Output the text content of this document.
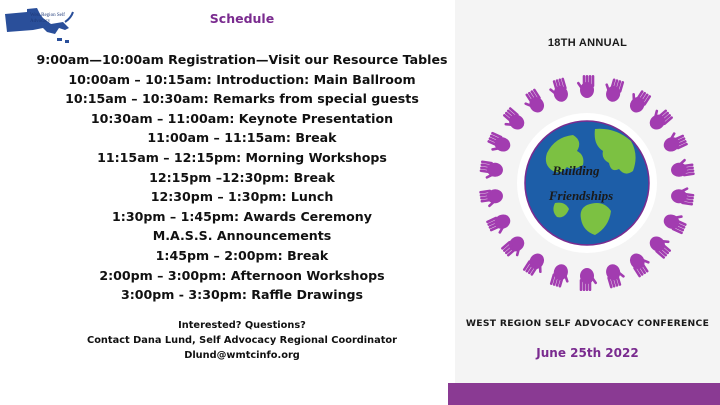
West Region Self Advocacy	Schedule
9:00am—10:00am Registration—Visit our Resource Tables
10:00am – 10:15am: Introduction: Main Ballroom
10:15am – 10:30am: Remarks from special guests
10:30am – 11:00am: Keynote Presentation
11:00am – 11:15am: Break
11:15am – 12:15pm: Morning Workshops
12:15pm –12:30pm: Break
12:30pm – 1:30pm: Lunch
1:30pm – 1:45pm: Awards Ceremony
M.A.S.S. Announcements
1:45pm – 2:00pm: Break
2:00pm – 3:00pm: Afternoon Workshops
3:00pm - 3:30pm: Raffle Drawings
Interested? Questions?
Contact Dana Lund, Self Advocacy Regional Coordinator
Dlund@wmtcinfo.org
18TH ANNUAL
Building
Friendships
WEST REGION SELF ADVOCACY CONFERENCE
June 25th 2022
